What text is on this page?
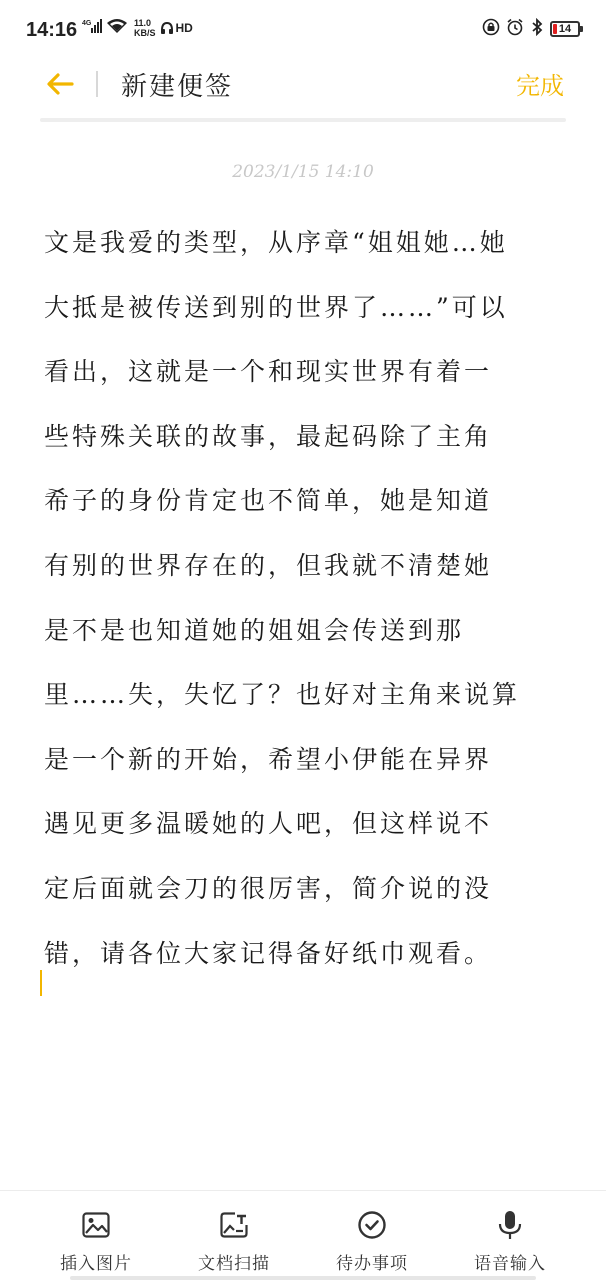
14:16 4G	11.0
KB/S HD	14
新建便签	完成
2023/1/15 14:10
文是我爱的类型，从序章“姐姐她…她
大抵是被传送到别的世界了……”可以
看出，这就是一个和现实世界有着一
些特殊关联的故事，最起码除了主角
希子的身份肯定也不简单，她是知道
有别的世界存在的，但我就不清楚她
是不是也知道她的姐姐会传送到那
里……失，失忆了？也好对主角来说算
是一个新的开始，希望小伊能在异界
遇见更多温暖她的人吧，但这样说不
定后面就会刀的很厉害，简介说的没
错，请各位大家记得备好纸巾观看。
插入图片	文档扫描	待办事项	语音输入
